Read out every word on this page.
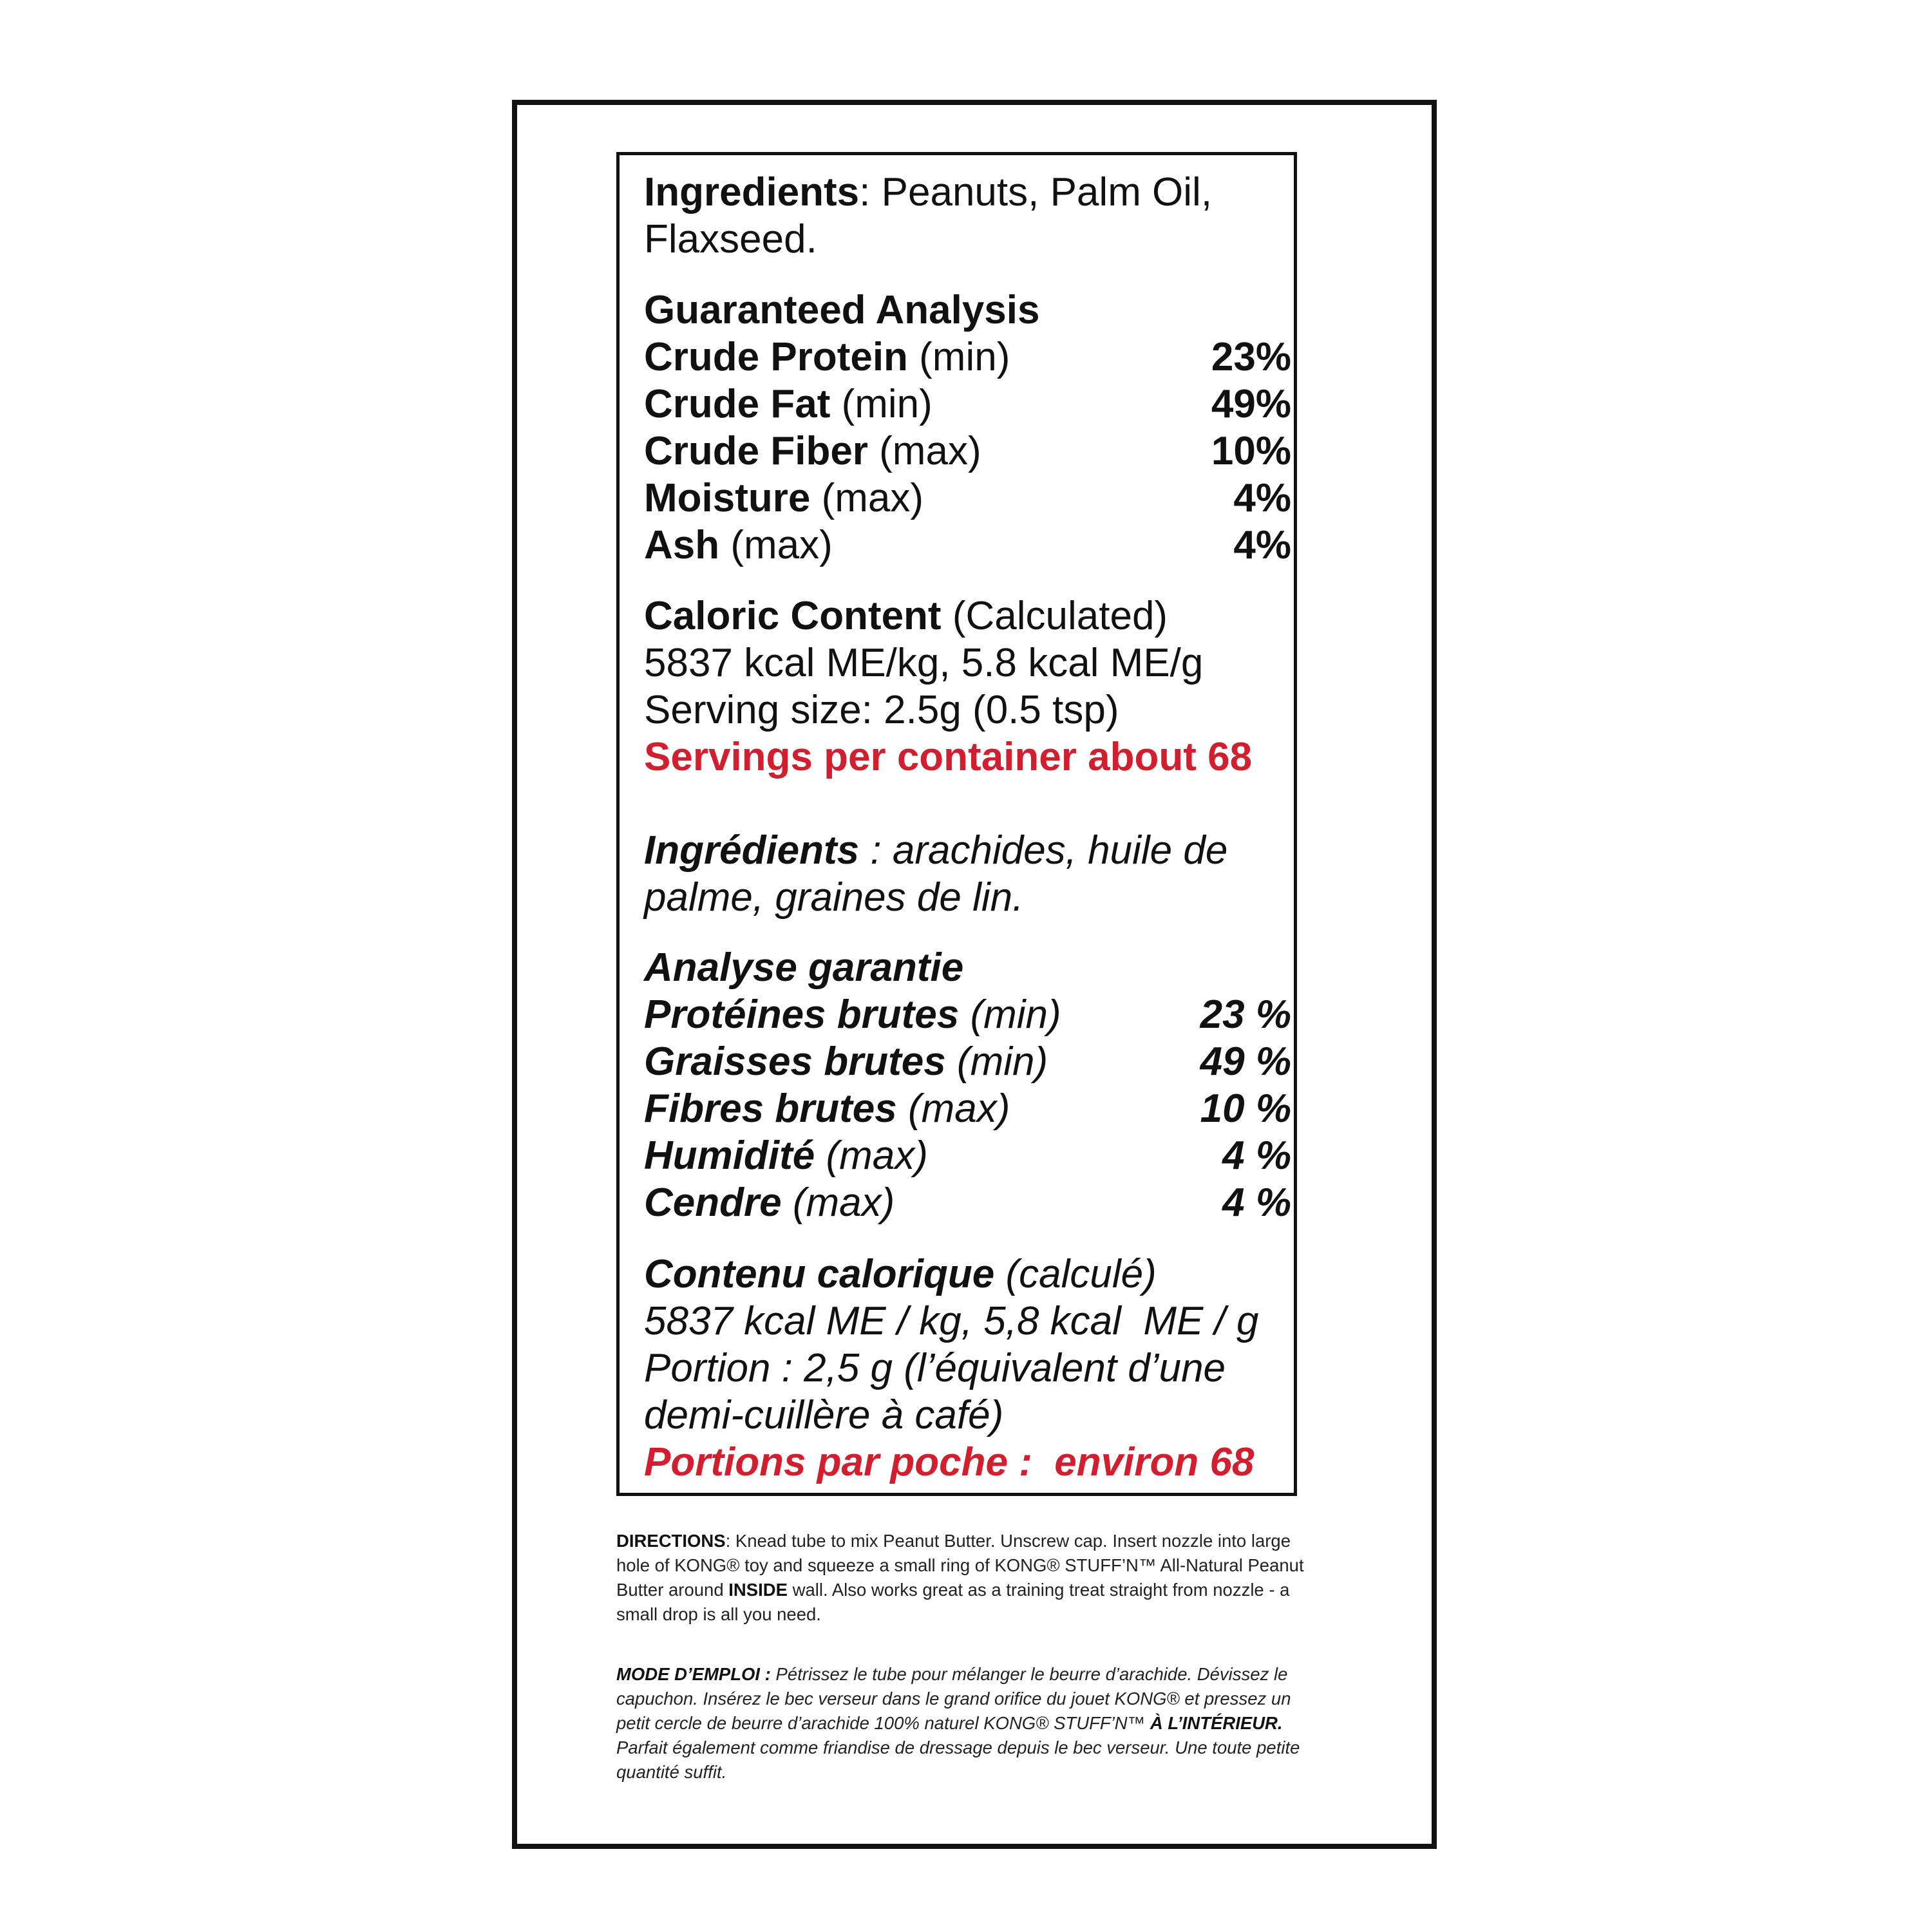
Ingredients: Peanuts, Palm Oil,
Flaxseed.
Guaranteed Analysis
Crude Protein (min)	23%
Crude Fat (min)	49%
Crude Fiber (max)	10%
Moisture (max)	4%
Ash (max)	4%
Caloric Content (Calculated)
5837 kcal ME/kg, 5.8 kcal ME/g
Serving size: 2.5g (0.5 tsp)
Servings per container about 68
Ingrédients : arachides, huile de
palme, graines de lin.
Analyse garantie
Protéines brutes (min)	23 %
Graisses brutes (min)	49 %
Fibres brutes (max)	10 %
Humidité (max)	4 %
Cendre (max)	4 %
Contenu calorique (calculé)
5837 kcal ME / kg, 5,8 kcal  ME / g
Portion : 2,5 g (l’équivalent d’une
demi-cuillère à café)
Portions par poche :  environ 68
DIRECTIONS: Knead tube to mix Peanut Butter. Unscrew cap. Insert nozzle into large hole of KONG® toy and squeeze a small ring of KONG® STUFF’N™ All-Natural Peanut Butter around INSIDE wall. Also works great as a training treat straight from nozzle - a small drop is all you need.
MODE D’EMPLOI : Pétrissez le tube pour mélanger le beurre d’arachide. Dévissez le capuchon. Insérez le bec verseur dans le grand orifice du jouet KONG® et pressez un petit cercle de beurre d’arachide 100% naturel KONG® STUFF’N™ À L’INTÉRIEUR. Parfait également comme friandise de dressage depuis le bec verseur. Une toute petite quantité suffit.
